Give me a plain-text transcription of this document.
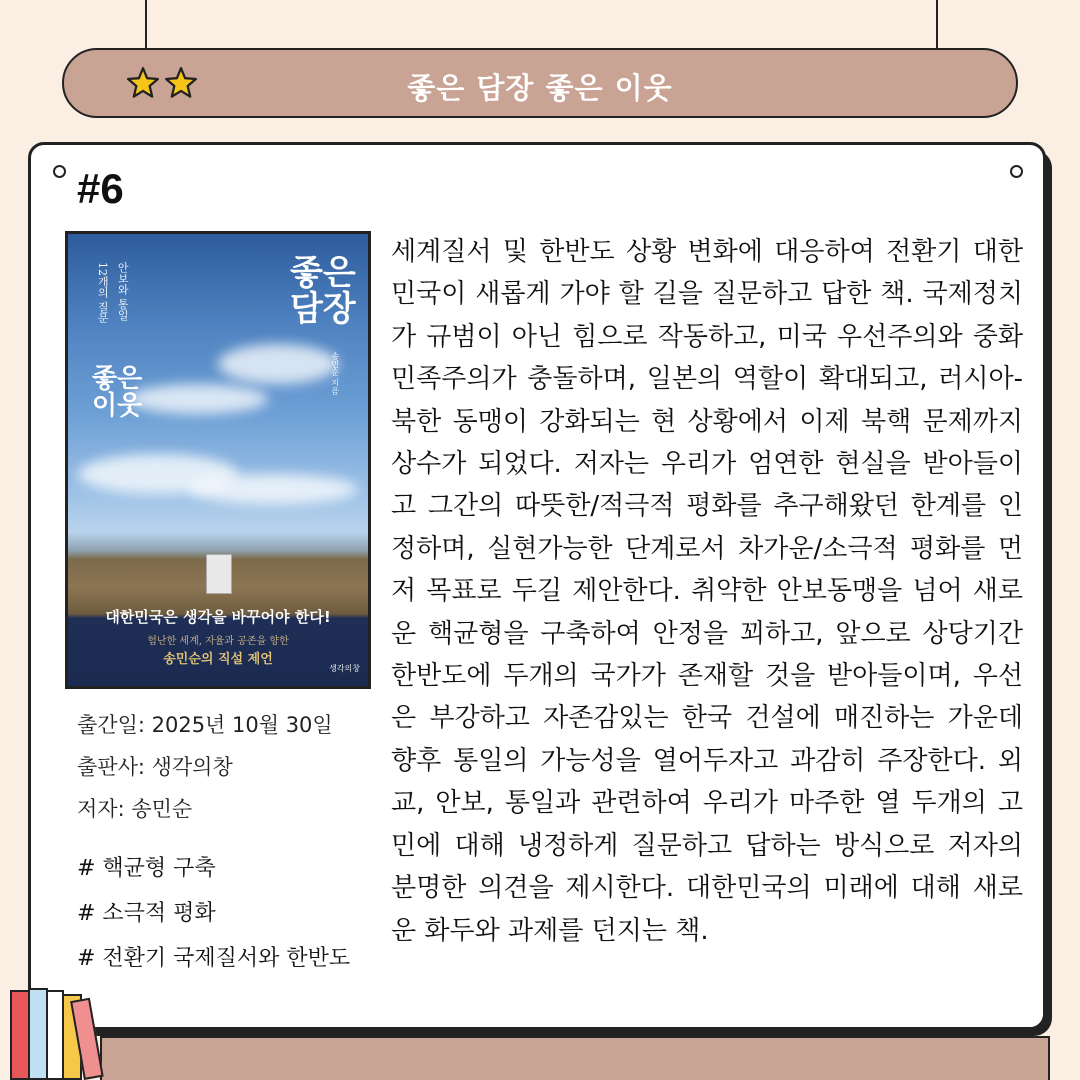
좋은 담장 좋은 이웃
#6
안보와 통일
12개의 질문	좋은
담장
좋은
이웃
송민순 지음
대한민국은 생각을 바꾸어야 한다!
험난한 세계, 자율과 공존을 향한
송민순의 직설 제언
생각의창
출간일: 2025년 10월 30일
출판사: 생각의창
저자: 송민순
# 핵균형 구축
# 소극적 평화
# 전환기 국제질서와 한반도
세계질서 및 한반도 상황 변화에 대응하여 전환기 대한민국이 새롭게 가야 할 길을 질문하고 답한 책. 국제정치가 규범이 아닌 힘으로 작동하고, 미국 우선주의와 중화 민족주의가 충돌하며, 일본의 역할이 확대되고, 러시아-북한 동맹이 강화되는 현 상황에서 이제 북핵 문제까지 상수가 되었다. 저자는 우리가 엄연한 현실을 받아들이고 그간의 따뜻한/적극적 평화를 추구해왔던 한계를 인정하며, 실현가능한 단계로서 차가운/소극적 평화를 먼저 목표로 두길 제안한다. 취약한 안보동맹을 넘어 새로운 핵균형을 구축하여 안정을 꾀하고, 앞으로 상당기간 한반도에 두개의 국가가 존재할 것을 받아들이며, 우선은 부강하고 자존감있는 한국 건설에 매진하는 가운데 향후 통일의 가능성을 열어두자고 과감히 주장한다. 외교, 안보, 통일과 관련하여 우리가 마주한 열 두개의 고민에 대해 냉정하게 질문하고 답하는 방식으로 저자의 분명한 의견을 제시한다. 대한민국의 미래에 대해 새로운 화두와 과제를 던지는 책.
